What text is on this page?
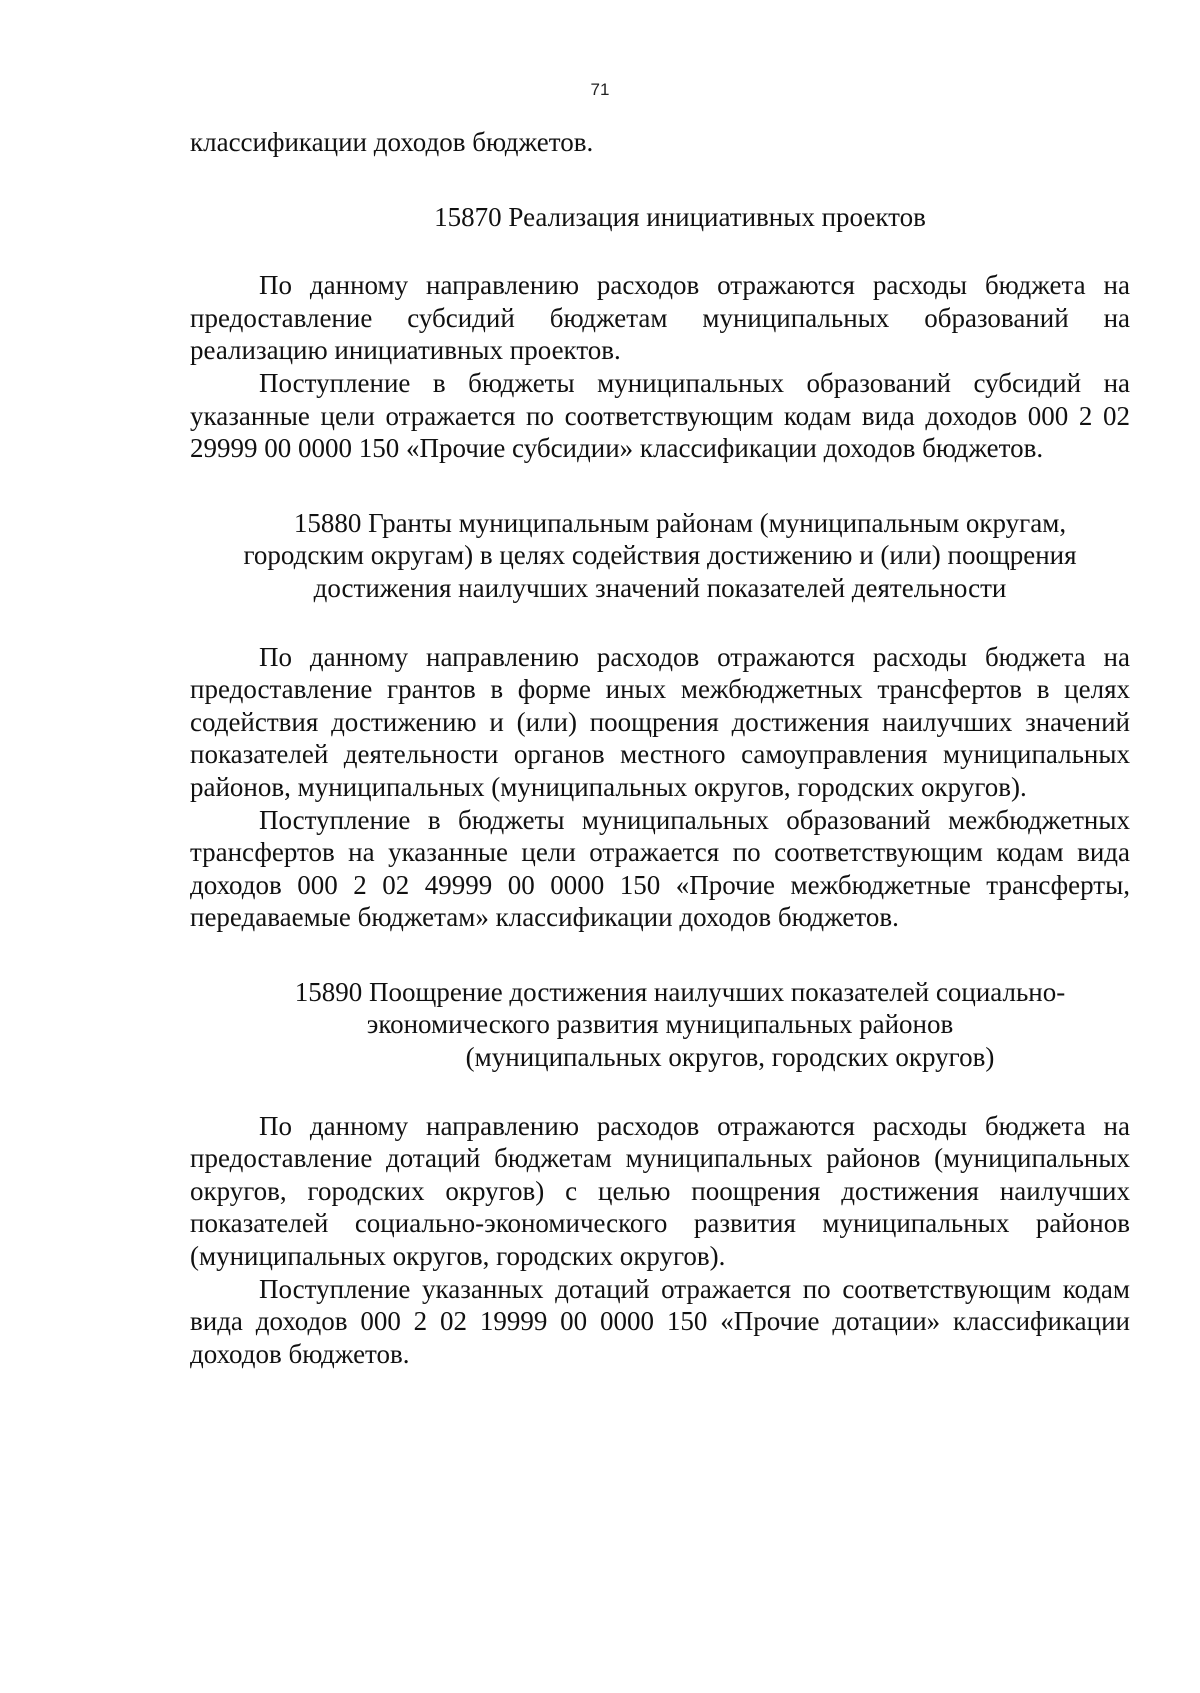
71

классификации доходов бюджетов.

15870 Реализация инициативных проектов

По данному направлению расходов отражаются расходы бюджета на предоставление субсидий бюджетам муниципальных образований на реализацию инициативных проектов.

Поступление в бюджеты муниципальных образований субсидий на указанные цели отражается по соответствующим кодам вида доходов 000 2 02 29999 00 0000 150 «Прочие субсидии» классификации доходов бюджетов.

15880 Гранты муниципальным районам (муниципальным округам,
городским округам) в целях содействия достижению и (или) поощрения
достижения наилучших значений показателей деятельности

По данному направлению расходов отражаются расходы бюджета на предоставление грантов в форме иных межбюджетных трансфертов в целях содействия достижению и (или) поощрения достижения наилучших значений показателей деятельности органов местного самоуправления муниципальных районов, муниципальных (муниципальных округов, городских округов).

Поступление в бюджеты муниципальных образований межбюджетных трансфертов на указанные цели отражается по соответствующим кодам вида доходов 000 2 02 49999 00 0000 150 «Прочие межбюджетные трансферты, передаваемые бюджетам» классификации доходов бюджетов.

15890 Поощрение достижения наилучших показателей социально-
экономического развития муниципальных районов
(муниципальных округов, городских округов)

По данному направлению расходов отражаются расходы бюджета на предоставление дотаций бюджетам муниципальных районов (муниципальных округов, городских округов) с целью поощрения достижения наилучших показателей социально-экономического развития муниципальных районов (муниципальных округов, городских округов).

Поступление указанных дотаций отражается по соответствующим кодам вида доходов 000 2 02 19999 00 0000 150 «Прочие дотации» классификации доходов бюджетов.
